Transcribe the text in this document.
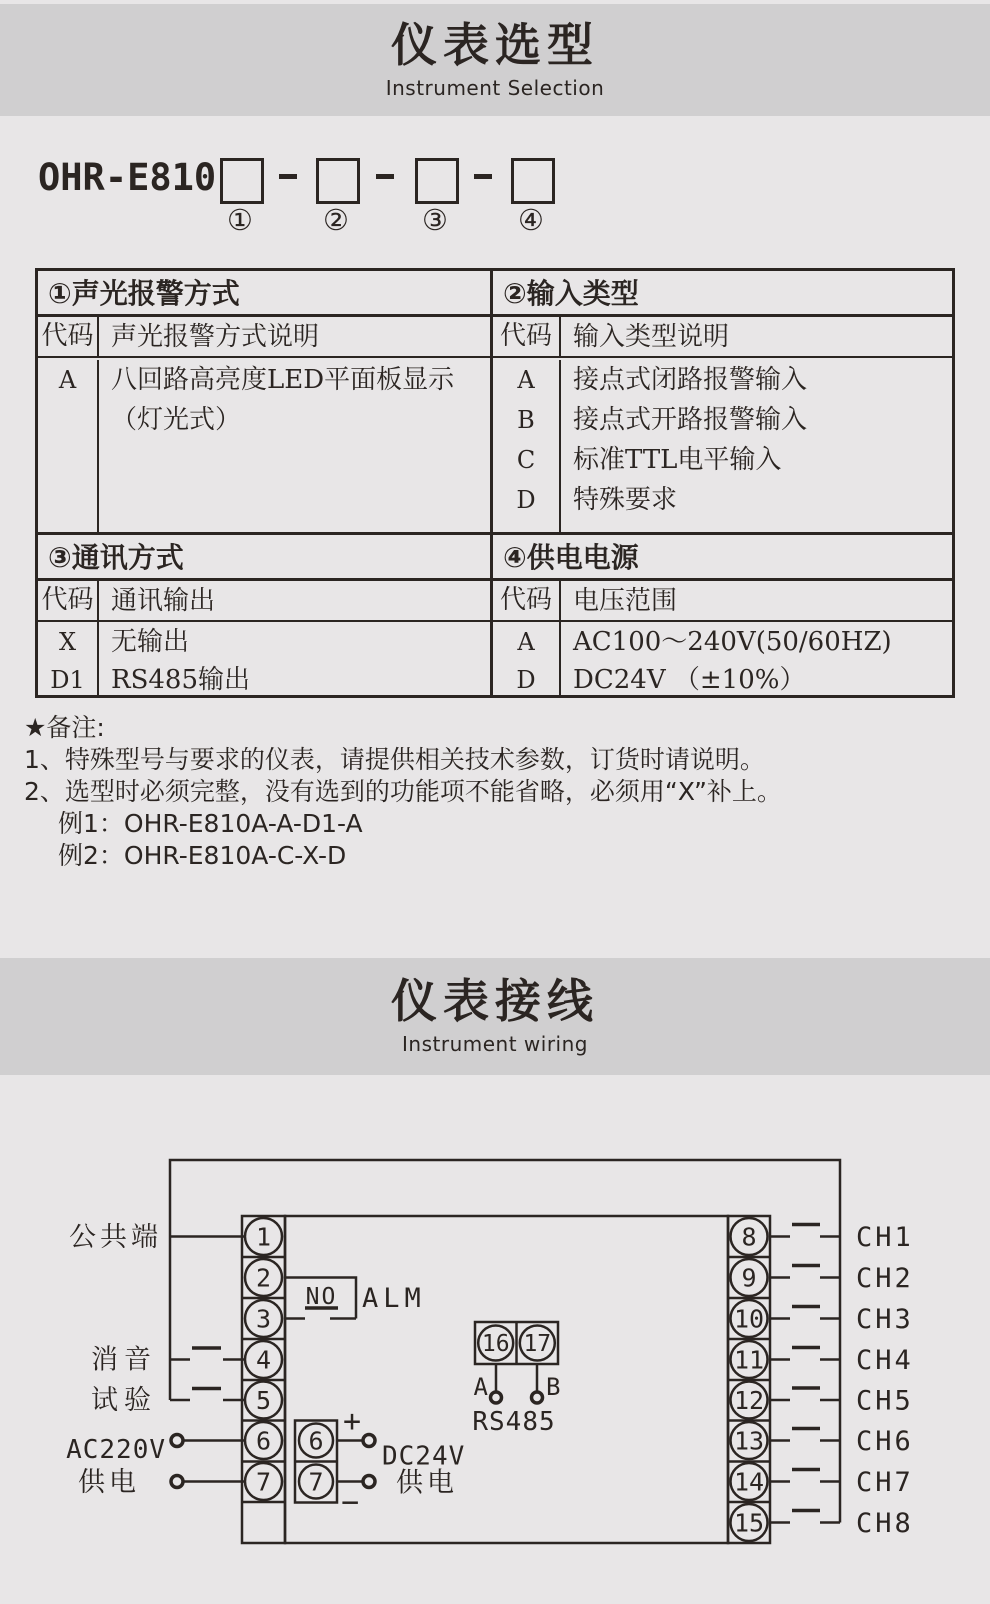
仪表选型
Instrument Selection
OHR-E810
① ②	③ ④
①声光报警方式
代码 声光报警方式说明
A	八回路高亮度LED平面板显示
（灯光式）
②输入类型
代码 输入类型说明
A
B
C
D
接点式闭路报警输入
接点式开路报警输入
标准TTL电平输入
特殊要求
③通讯方式
代码 通讯输出
X
D1
无输出
RS485输出
④供电电源
代码 电压范围
A
D
AC100～240V(50/60HZ)
DC24V （±10%）
★备注:
1、特殊型号与要求的仪表，请提供相关技术参数，订货时请说明。
2、选型时必须完整，没有选到的功能项不能省略，必须用“X”补上。
例1：OHR-E810A-A-D1-A
例2：OHR-E810A-C-X-D
仪表接线
Instrument wiring
1
2
3
4
5
6
7
8
9
10
11
12
13
14
15
6
7
16 17
CH1
CH2
CH3
CH4
CH5
CH6
CH7
CH8
公共端
消音
试验
AC220V
供电
DC24V
供电
+
−
NO ALM
A B
RS485
